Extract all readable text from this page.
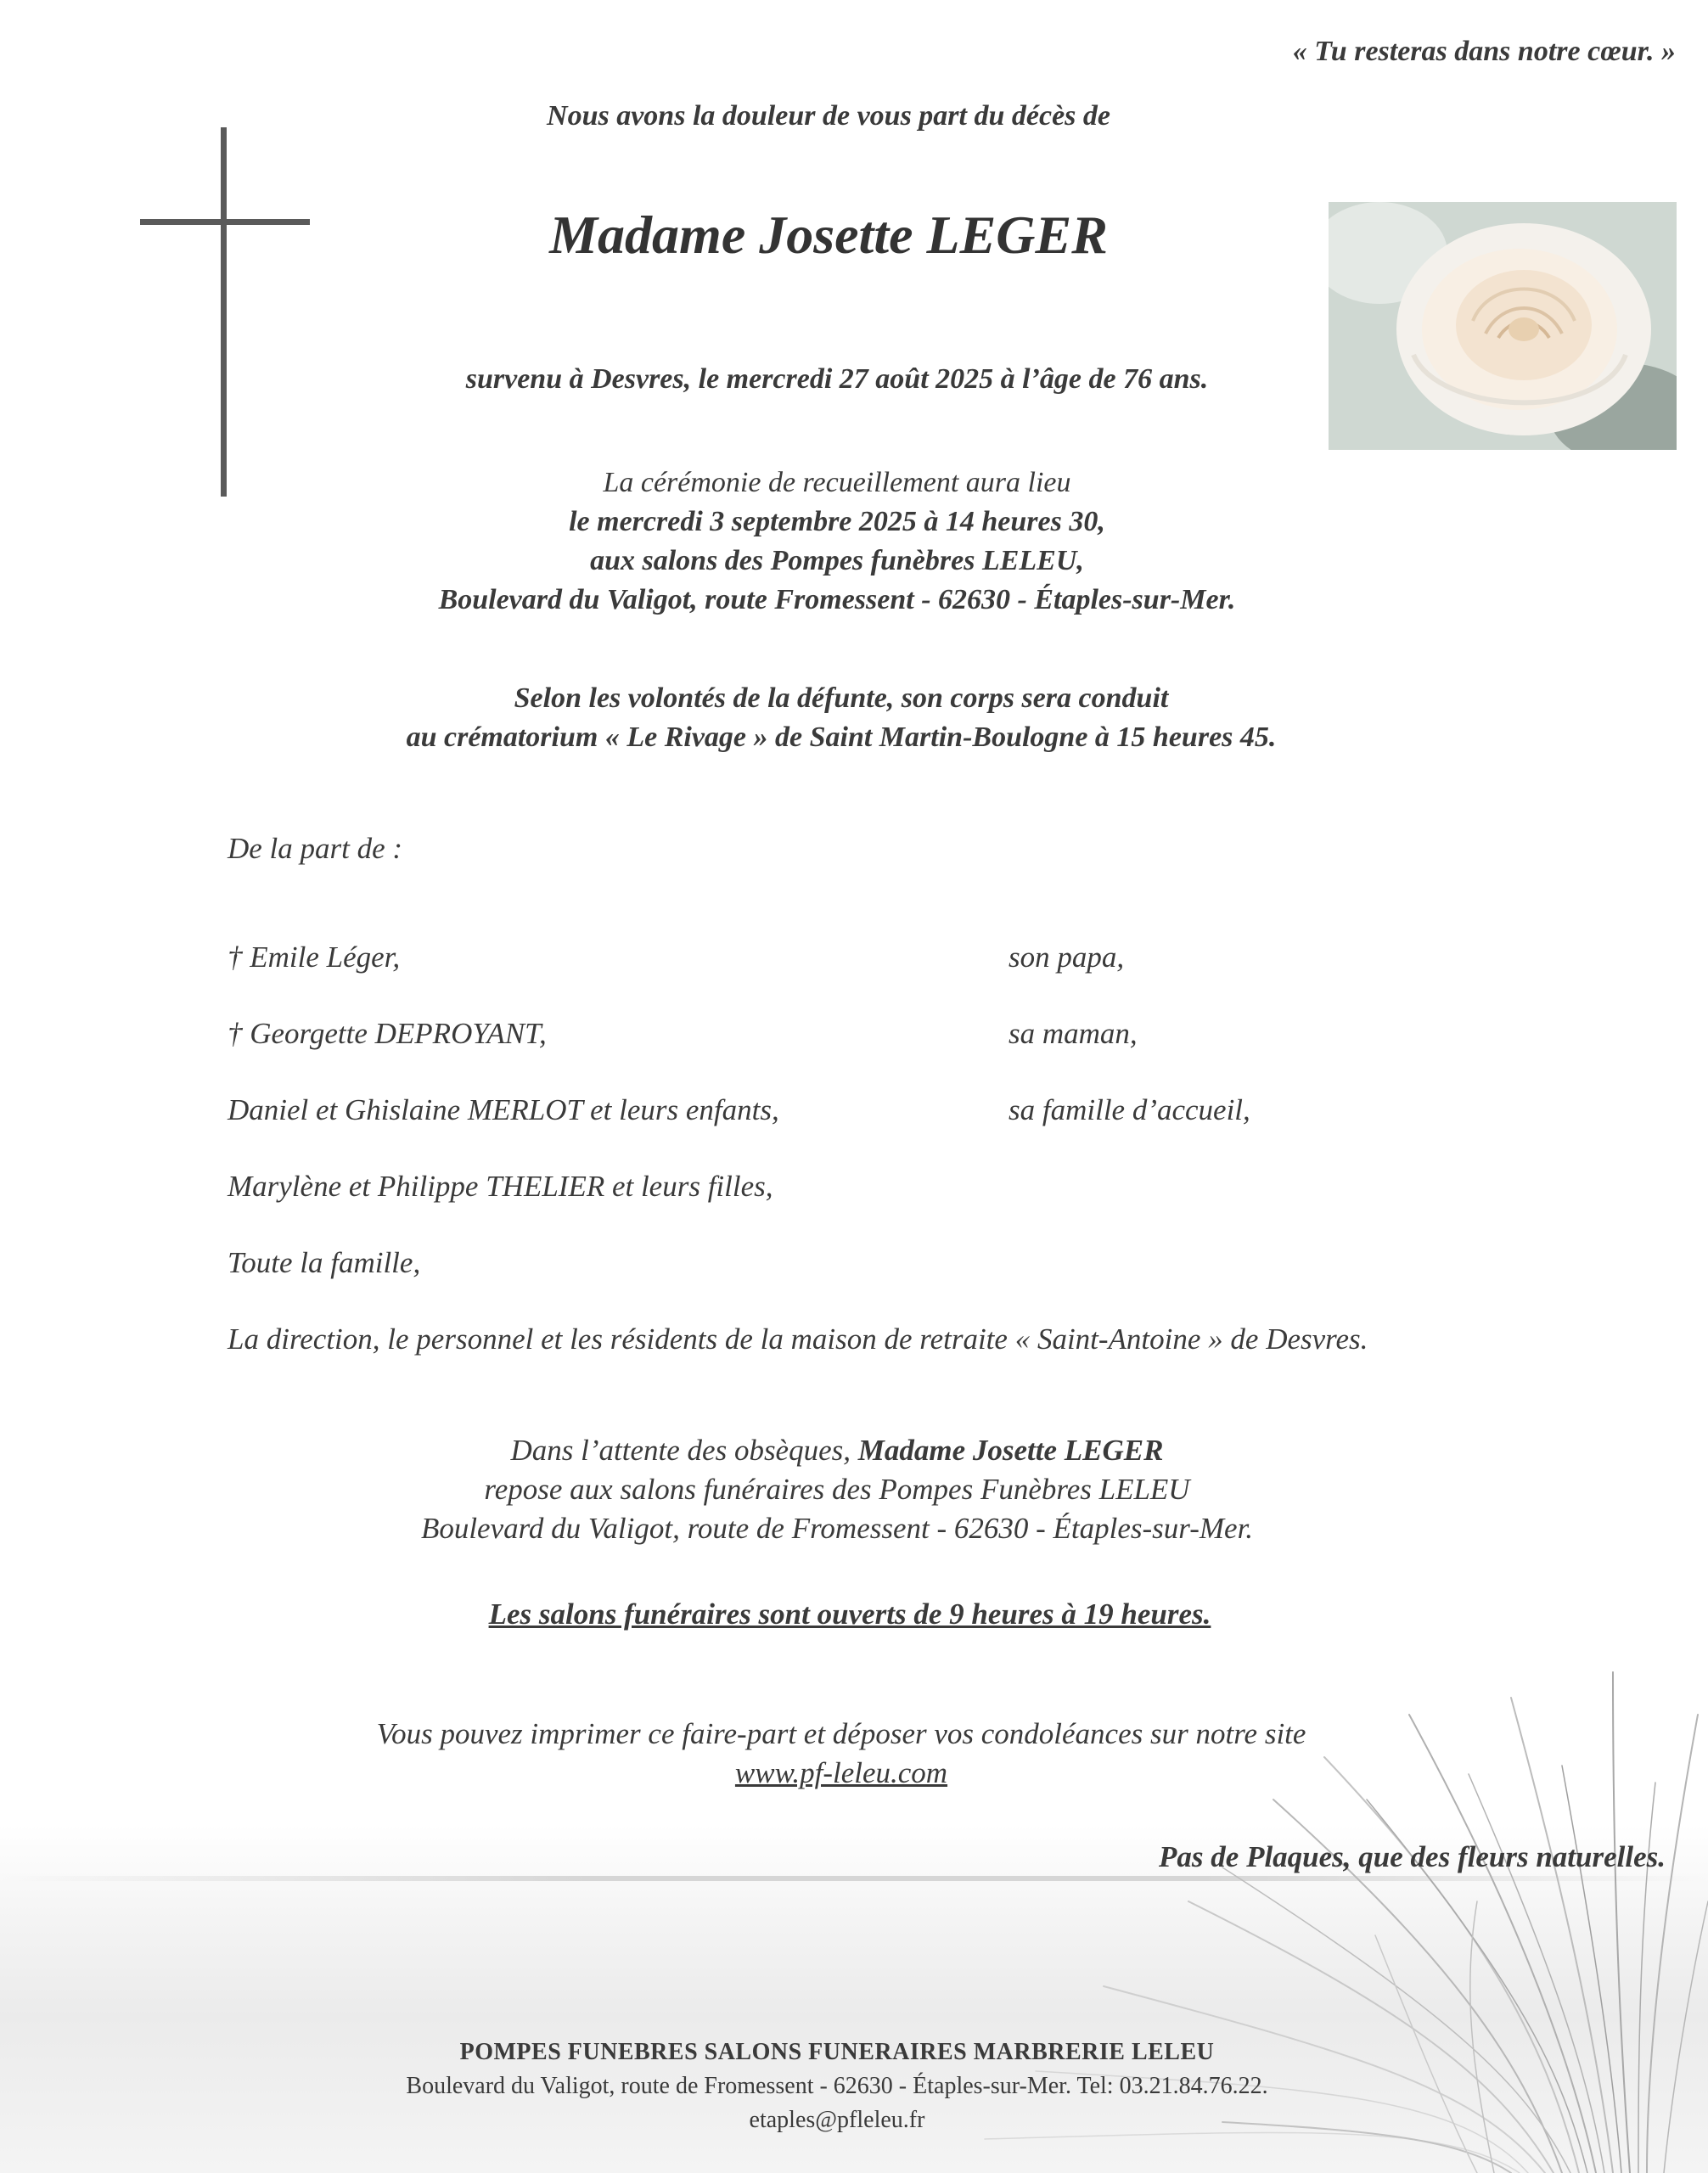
« Tu resteras dans notre cœur. »
Nous avons la douleur de vous part du décès de
Madame Josette LEGER
survenu à Desvres, le mercredi 27 août 2025 à l’âge de 76 ans.
La cérémonie de recueillement aura lieu
le mercredi 3 septembre 2025 à 14 heures 30,
aux salons des Pompes funèbres LELEU,
Boulevard du Valigot, route Fromessent - 62630 - Étaples-sur-Mer.
Selon les volontés de la défunte, son corps sera conduit
au crématorium « Le Rivage » de Saint Martin-Boulogne à 15 heures 45.
De la part de :
† Emile Léger,	son papa,
† Georgette DEPROYANT,	sa maman,
Daniel et Ghislaine MERLOT et leurs enfants,	sa famille d’accueil,
Marylène et Philippe THELIER et leurs filles,
Toute la famille,
La direction, le personnel et les résidents de la maison de retraite « Saint-Antoine » de Desvres.
Dans l’attente des obsèques, Madame Josette LEGER
repose aux salons funéraires des Pompes Funèbres LELEU
Boulevard du Valigot, route de Fromessent - 62630 - Étaples-sur-Mer.
Les salons funéraires sont ouverts de 9 heures à 19 heures.
Vous pouvez imprimer ce faire-part et déposer vos condoléances sur notre site
www.pf-leleu.com
Pas de Plaques, que des fleurs naturelles.
POMPES FUNEBRES SALONS FUNERAIRES MARBRERIE LELEU
Boulevard du Valigot, route de Fromessent - 62630 - Étaples-sur-Mer. Tel: 03.21.84.76.22.
etaples@pfleleu.fr
